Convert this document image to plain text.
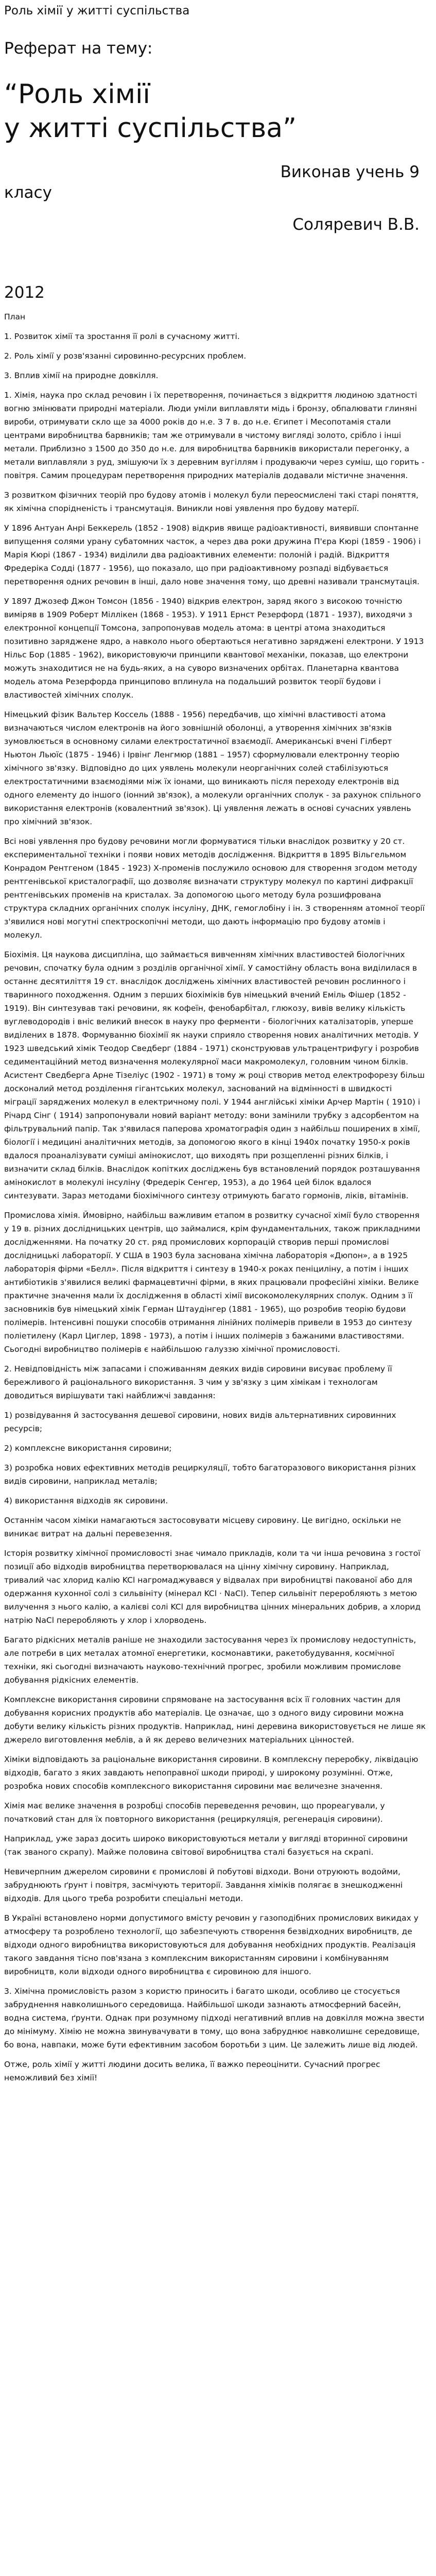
Роль хімії у житті суспільства
Реферат на тему:
“Роль хімії
у житті суспільства”
Виконав учень 9
класу
Соляревич В.В.
2012

План

1. Розвиток хімії та зростання її ролі в сучасному житті.

2. Роль хімії у розв'язанні сировинно-ресурсних проблем.

3. Вплив хімії на природне довкілля.

1. Хімія, наука про склад речовин і їх перетворення, починається з відкриття людиною здатності вогню змінювати природні матеріали. Люди уміли виплавляти мідь і бронзу, обпалювати глиняні вироби, отримувати скло ще за 4000 років до н.е. З 7 в. до н.е. Єгипет і Месопотамія стали центрами виробництва барвників; там же отримували в чистому вигляді золото, срібло і інші метали. Приблизно з 1500 до 350 до н.е. для виробництва барвників використали перегонку, а метали виплавляли з руд, змішуючи їх з деревним вугіллям і продуваючи через суміш, що горить - повітря. Самим процедурам перетворення природних матеріалів додавали містичне значення.

З розвитком фізичних теорій про будову атомів і молекул були переосмислені такі старі поняття, як хімічна спорідненість і трансмутація. Виникли нові уявлення про будову матерії.

У 1896 Антуан Анрі Беккерель (1852 - 1908) відкрив явище радіоактивності, виявивши спонтанне випущення солями урану субатомних часток, а через два роки дружина П'єра Кюрі (1859 - 1906) і Марія Кюрі (1867 - 1934) виділили два радіоактивних елементи: полоній і радій. Відкриття Фредеріка Содді (1877 - 1956), що показало, що при радіоактивному розпаді відбувається перетворення одних речовин в інші, дало нове значення тому, що древні називали трансмутація.

У 1897 Джозеф Джон Томсон (1856 - 1940) відкрив електрон, заряд якого з високою точністю виміряв в 1909 Роберт Міллікен (1868 - 1953). У 1911 Ернст Резерфорд (1871 - 1937), виходячи з електронної концепції Томсона, запропонував модель атома: в центрі атома знаходиться позитивно заряджене ядро, а навколо нього обертаються негативно заряджені електрони. У 1913 Нільс Бор (1885 - 1962), використовуючи принципи квантової механіки, показав, що електрони можуть знаходитися не на будь-яких, а на суворо визначених орбітах. Планетарна квантова модель атома Резерфорда принципово вплинула на подальший розвиток теорії будови і властивостей хімічних сполук.

Німецький фізик Вальтер Коссель (1888 - 1956) передбачив, що хімічні властивості атома визначаються числом електронів на його зовнішній оболонці, а утворення хімічних зв'язків зумовлюється в основному силами електростатичної взаємодії. Американські вчені Гілберт Ньютон Льюїс (1875 - 1946) і Ірвінг Ленгмюр (1881 – 1957) сформулювали електронну теорію хімічного зв'язку. Відповідно до цих уявлень молекули неорганічних солей стабілізуються електростатичними взаємодіями між їх іонами, що виникають після переходу електронів від одного елементу до іншого (іонний зв'язок), а молекули органічних сполук - за рахунок спільного використання електронів (ковалентний зв'язок). Ці уявлення лежать в основі сучасних уявлень про хімічний зв'язок.

Всі нові уявлення про будову речовини могли формуватися тільки внаслідок розвитку у 20 ст. експериментальної техніки і появи нових методів дослідження. Відкриття в 1895 Вільгельмом Конрадом Рентгеном (1845 - 1923) Х-променів послужило основою для створення згодом методу рентгенівської кристалографії, що дозволяє визначати структуру молекул по картині дифракції рентгенівських променів на кристалах. За допомогою цього методу була розшифрована структура складних органічних сполук інсуліну, ДНК, гемоглобіну і ін. З створенням атомної теорії з'явилися нові могутні спектроскопічні методи, що дають інформацію про будову атомів і молекул.

Біохімія. Ця наукова дисципліна, що займається вивченням хімічних властивостей біологічних речовин, спочатку була одним з розділів органічної хімії. У самостійну область вона виділилася в останнє десятиліття 19 ст. внаслідок досліджень хімічних властивостей речовин рослинного і тваринного походження. Одним з перших біохіміків був німецький вчений Еміль Фішер (1852 - 1919). Він синтезував такі речовини, як кофеїн, фенобарбітал, глюкозу, вивів велику кількість вуглеводородів і вніс великий внесок в науку про ферменти - біологічних каталізаторів, уперше виділених в 1878. Формуванню біохімії як науки сприяло створення нових аналітичних методів. У 1923 шведський хімік Теодор Сведберг (1884 - 1971) сконструював ультрацентрифугу і розробив седиментаційний метод визначення молекулярної маси макромолекул, головним чином білків. Асистент Сведберга Арне Тізеліус (1902 - 1971) в тому ж році створив метод електрофорезу більш досконалий метод розділення гігантських молекул, заснований на відмінності в швидкості міграції заряджених молекул в електричному полі. У 1944 англійські хіміки Арчер Мартін ( 1910) і Річард Сінг ( 1914) запропонували новий варіант методу: вони замінили трубку з адсорбентом на фільтрувальний папір. Так з'явилася паперова хроматографія один з найбільш поширених в хімії, біології і медицині аналітичних методів, за допомогою якого в кінці 1940х початку 1950-х років вдалося проаналізувати суміші амінокислот, що виходять при розщепленні різних білків, і визначити склад білків. Внаслідок копітких досліджень був встановлений порядок розташування амінокислот в молекулі інсуліну (Фредерік Сенгер, 1953), а до 1964 цей білок вдалося синтезувати. Зараз методами біохімічного синтезу отримують багато гормонів, ліків, вітамінів.

Промислова хімія. Ймовірно, найбільш важливим етапом в розвитку сучасної хімії було створення у 19 в. різних дослідницьких центрів, що займалися, крім фундаментальних, також прикладними дослідженнями. На початку 20 ст. ряд промислових корпорацій створив перші промислові дослідницькі лабораторії. У США в 1903 була заснована хімічна лабораторія «Дюпон», а в 1925 лабораторія фірми «Белл». Після відкриття і синтезу в 1940-х роках пеніциліну, а потім і інших антибіотиків з'явилися великі фармацевтичні фірми, в яких працювали професійні хіміки. Велике практичне значення мали їх дослідження в області хімії високомолекулярних сполук. Одним з її засновників був німецький хімік Герман Штаудінгер (1881 - 1965), що розробив теорію будови полімерів. Інтенсивні пошуки способів отримання лінійних полімерів привели в 1953 до синтезу поліетилену (Карл Циглер, 1898 - 1973), а потім і інших полімерів з бажаними властивостями. Сьогодні виробництво полімерів є найбільшою галуззю хімічної промисловості.

2. Невідповідність між запасами і споживанням деяких видів сировини висуває проблему її бережливого й раціонального використання. З чим у зв'язку з цим хімікам і технологам доводиться вирішувати такі найближчі завдання:

1) розвідування й застосування дешевої сировини, нових видів альтернативних сировинних ресурсів;

2) комплексне використання сировини;

3) розробка нових ефективних методів рециркуляції, тобто багаторазового використання різних видів сировини, наприклад металів;

4) використання відходів як сировини.

Останнім часом хіміки намагаються застосовувати місцеву сировину. Це вигідно, оскільки не виникає витрат на дальні перевезення.

Історія розвитку хімічної промисловості знає чимало прикладів, коли та чи інша речовина з гостої позиції або відходів виробництва перетворювалася на цінну хімічну сировину. Наприклад, тривалий час хлорид калію KCl нагромаджувався у відвалах при виробництві пакованої або для одержання кухонної солі з сильвініту (мінерал KCl · NaCl). Тепер сильвініт переробляють з метою вилучення з нього калію, а калієві солі KCl для виробництва цінних мінеральних добрив, а хлорид натрію NaCl переробляють у хлор і хлорводень.

Багато рідкісних металів раніше не знаходили застосування через їх промислову недоступність, але потреби в цих металах атомної енергетики, космонавтики, ракетобудування, космічної техніки, які сьогодні визначають науково-технічний прогрес, зробили можливим промислове добування рідкісних елементів.

Комплексне використання сировини спрямоване на застосування всіх її головних частин для добування корисних продуктів або матеріалів. Це означає, що з одного виду сировини можна добути велику кількість різних продуктів. Наприклад, нині деревина використовується не лише як джерело виготовлення меблів, а й як дерево величезних матеріальних цінностей.

Хіміки відповідають за раціональне використання сировини. В комплексну переробку, ліквідацію відходів, багато з яких завдають непоправної шкоди природі, у широкому розумінні. Отже, розробка нових способів комплексного використання сировини має величезне значення.

Хімія має велике значення в розробці способів переведення речовин, що прореагували, у початковий стан для їх повторного використання (рециркуляція, регенерація сировини).

Наприклад, уже зараз досить широко використовуються метали у вигляді вторинної сировини (так званого скрапу). Майже половина світової виробництва сталі базується на скрапі.

Невичерпним джерелом сировини є промислові й побутові відходи. Вони отруюють водойми, забруднюють ґрунт і повітря, засмічують території. Завдання хіміків полягає в знешкодженні відходів. Для цього треба розробити спеціальні методи.

В Україні встановлено норми допустимого вмісту речовин у газоподібних промислових викидах у атмосферу та розроблено технології, що забезпечують створення безвідходних виробництв, де відходи одного виробництва використовуються для добування необхідних продуктів. Реалізація такого завдання тісно пов'язана з комплексним використанням сировини і комбінуванням виробництв, коли відходи одного виробництва є сировиною для іншого.

3. Хімічна промисловість разом з користю приносить і багато шкоди, особливо це стосується забруднення навколишнього середовища. Найбільшої шкоди зазнають атмосферний басейн, водна система, ґрунти. Однак при розумному підході негативний вплив на довкілля можна звести до мінімуму. Хімію не можна звинувачувати в тому, що вона забруднює навколишнє середовище, бо вона, навпаки, може бути ефективним засобом боротьби з цим. Це залежить лише від людей.

Отже, роль хімії у житті людини досить велика, її важко переоцінити. Сучасний прогрес неможливий без хімії!
